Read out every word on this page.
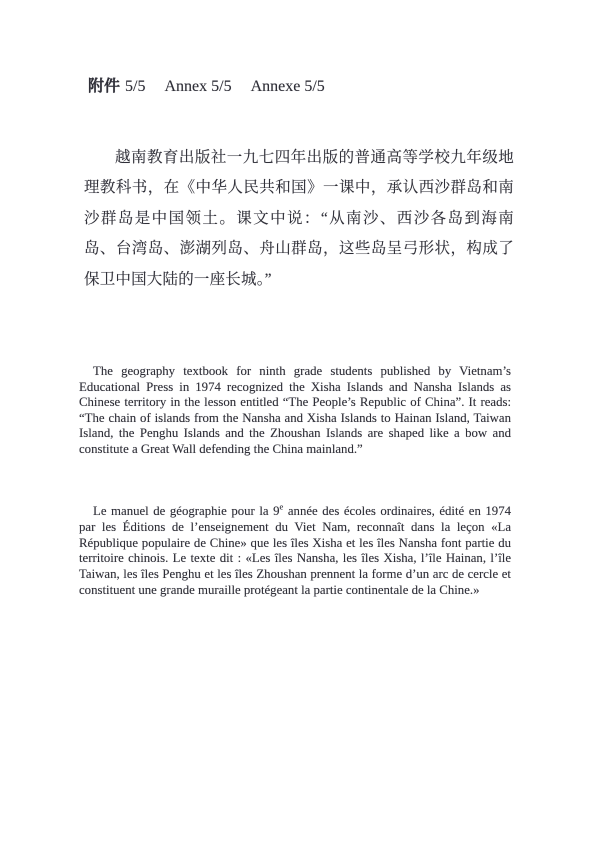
附件 5/5 Annex 5/5 Annexe 5/5

越南教育出版社一九七四年出版的普通高等学校九年级地理教科书，在《中华人民共和国》一课中，承认西沙群岛和南沙群岛是中国领土。课文中说：“从南沙、西沙各岛到海南岛、台湾岛、澎湖列岛、舟山群岛，这些岛呈弓形状，构成了保卫中国大陆的一座长城。”

The geography textbook for ninth grade students published by Vietnam’s Educational Press in 1974 recognized the Xisha Islands and Nansha Islands as Chinese territory in the lesson entitled “The People’s Republic of China”. It reads: “The chain of islands from the Nansha and Xisha Islands to Hainan Island, Taiwan Island, the Penghu Islands and the Zhoushan Islands are shaped like a bow and constitute a Great Wall defending the China mainland.”

Le manuel de géographie pour la 9e année des écoles ordinaires, édité en 1974 par les Éditions de l’enseignement du Viet Nam, reconnaît dans la leçon «La République populaire de Chine» que les îles Xisha et les îles Nansha font partie du territoire chinois. Le texte dit : «Les îles Nansha, les îles Xisha, l’île Hainan, l’île Taiwan, les îles Penghu et les îles Zhoushan prennent la forme d’un arc de cercle et constituent une grande muraille protégeant la partie continentale de la Chine.»
